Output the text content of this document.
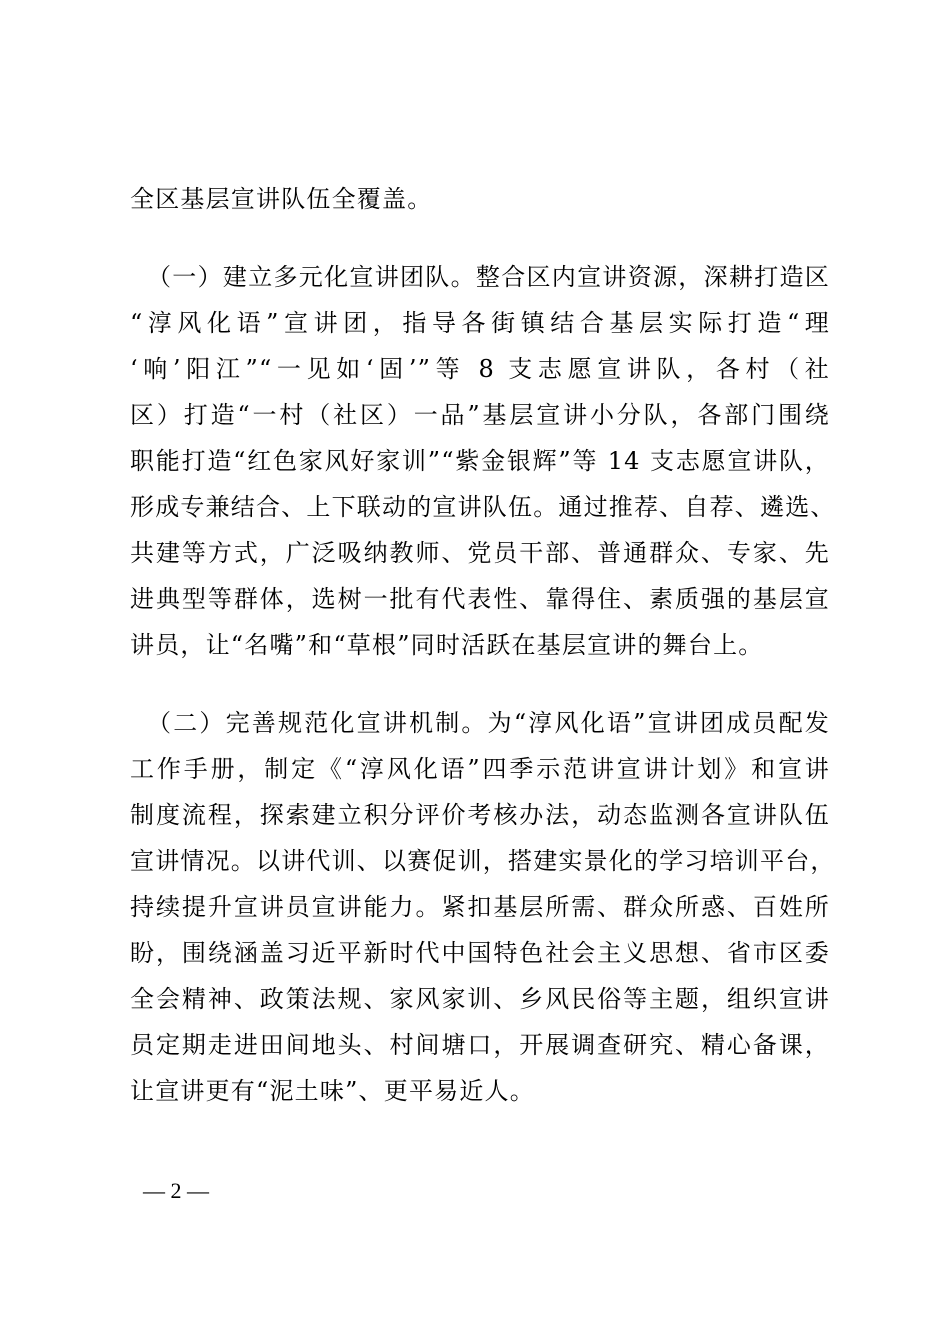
全区基层宣讲队伍全覆盖。
（一）建立多元化宣讲团队。整合区内宣讲资源，深耕打造区
“淳风化语”宣讲团，指导各街镇结合基层实际打造“理
‘响’阳江”“一见如‘固’”等 8 支志愿宣讲队，各村（社
区）打造“一村（社区）一品”基层宣讲小分队，各部门围绕
职能打造“红色家风好家训”“紫金银辉”等 14 支志愿宣讲队，
形成专兼结合、上下联动的宣讲队伍。通过推荐、自荐、遴选、
共建等方式，广泛吸纳教师、党员干部、普通群众、专家、先
进典型等群体，选树一批有代表性、靠得住、素质强的基层宣
讲员，让“名嘴”和“草根”同时活跃在基层宣讲的舞台上。
（二）完善规范化宣讲机制。为“淳风化语”宣讲团成员配发
工作手册，制定《“淳风化语”四季示范讲宣讲计划》和宣讲
制度流程，探索建立积分评价考核办法，动态监测各宣讲队伍
宣讲情况。以讲代训、以赛促训，搭建实景化的学习培训平台，
持续提升宣讲员宣讲能力。紧扣基层所需、群众所惑、百姓所
盼，围绕涵盖习近平新时代中国特色社会主义思想、省市区委
全会精神、政策法规、家风家训、乡风民俗等主题，组织宣讲
员定期走进田间地头、村间塘口，开展调查研究、精心备课，
让宣讲更有“泥土味”、更平易近人。
— 2 —
